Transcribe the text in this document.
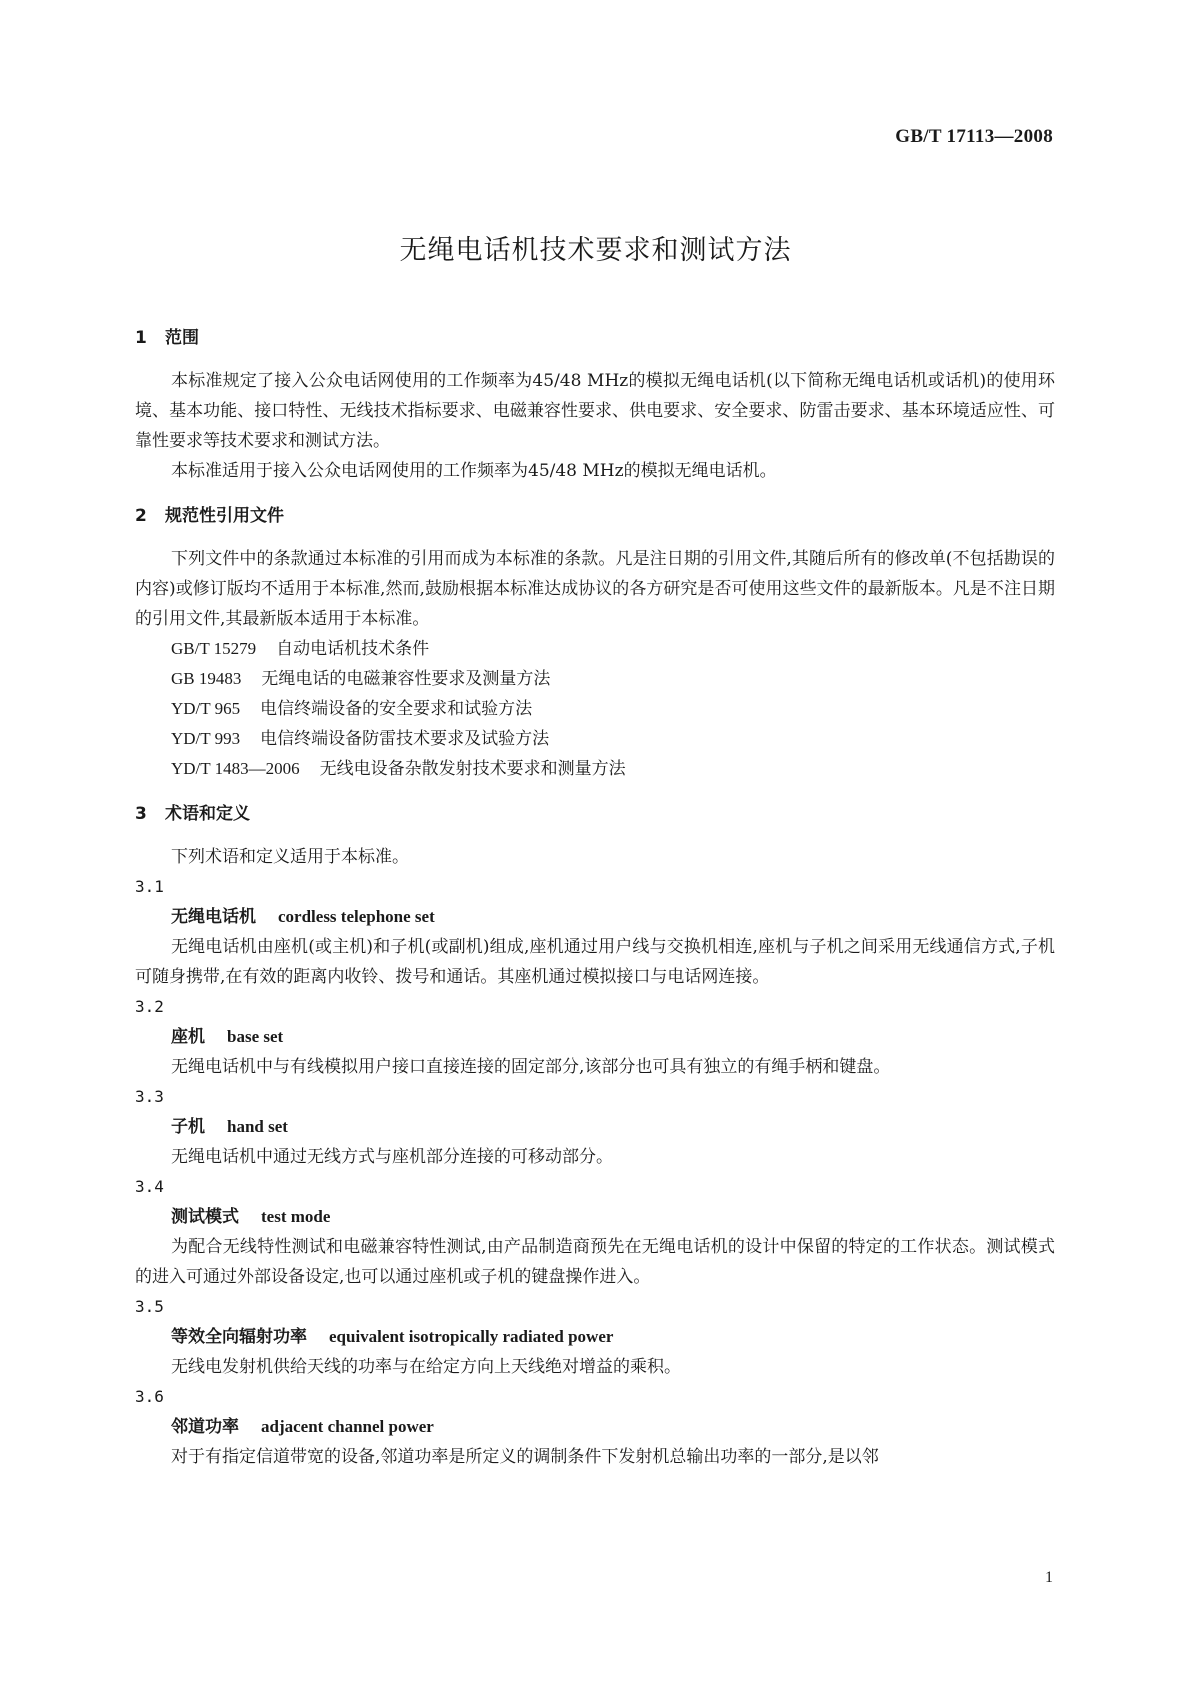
GB/T 17113—2008
无绳电话机技术要求和测试方法
1 范围
本标准规定了接入公众电话网使用的工作频率为45/48 MHz的模拟无绳电话机(以下简称无绳电话机或话机)的使用环境、基本功能、接口特性、无线技术指标要求、电磁兼容性要求、供电要求、安全要求、防雷击要求、基本环境适应性、可靠性要求等技术要求和测试方法。
本标准适用于接入公众电话网使用的工作频率为45/48 MHz的模拟无绳电话机。
2 规范性引用文件
下列文件中的条款通过本标准的引用而成为本标准的条款。凡是注日期的引用文件,其随后所有的修改单(不包括勘误的内容)或修订版均不适用于本标准,然而,鼓励根据本标准达成协议的各方研究是否可使用这些文件的最新版本。凡是不注日期的引用文件,其最新版本适用于本标准。
GB/T 15279 自动电话机技术条件
GB 19483 无绳电话的电磁兼容性要求及测量方法
YD/T 965 电信终端设备的安全要求和试验方法
YD/T 993 电信终端设备防雷技术要求及试验方法
YD/T 1483—2006 无线电设备杂散发射技术要求和测量方法
3 术语和定义
下列术语和定义适用于本标准。
3.1
无绳电话机 cordless telephone set
无绳电话机由座机(或主机)和子机(或副机)组成,座机通过用户线与交换机相连,座机与子机之间采用无线通信方式,子机可随身携带,在有效的距离内收铃、拨号和通话。其座机通过模拟接口与电话网连接。
3.2
座机 base set
无绳电话机中与有线模拟用户接口直接连接的固定部分,该部分也可具有独立的有绳手柄和键盘。
3.3
子机 hand set
无绳电话机中通过无线方式与座机部分连接的可移动部分。
3.4
测试模式 test mode
为配合无线特性测试和电磁兼容特性测试,由产品制造商预先在无绳电话机的设计中保留的特定的工作状态。测试模式的进入可通过外部设备设定,也可以通过座机或子机的键盘操作进入。
3.5
等效全向辐射功率 equivalent isotropically radiated power
无线电发射机供给天线的功率与在给定方向上天线绝对增益的乘积。
3.6
邻道功率 adjacent channel power
对于有指定信道带宽的设备,邻道功率是所定义的调制条件下发射机总输出功率的一部分,是以邻
1
